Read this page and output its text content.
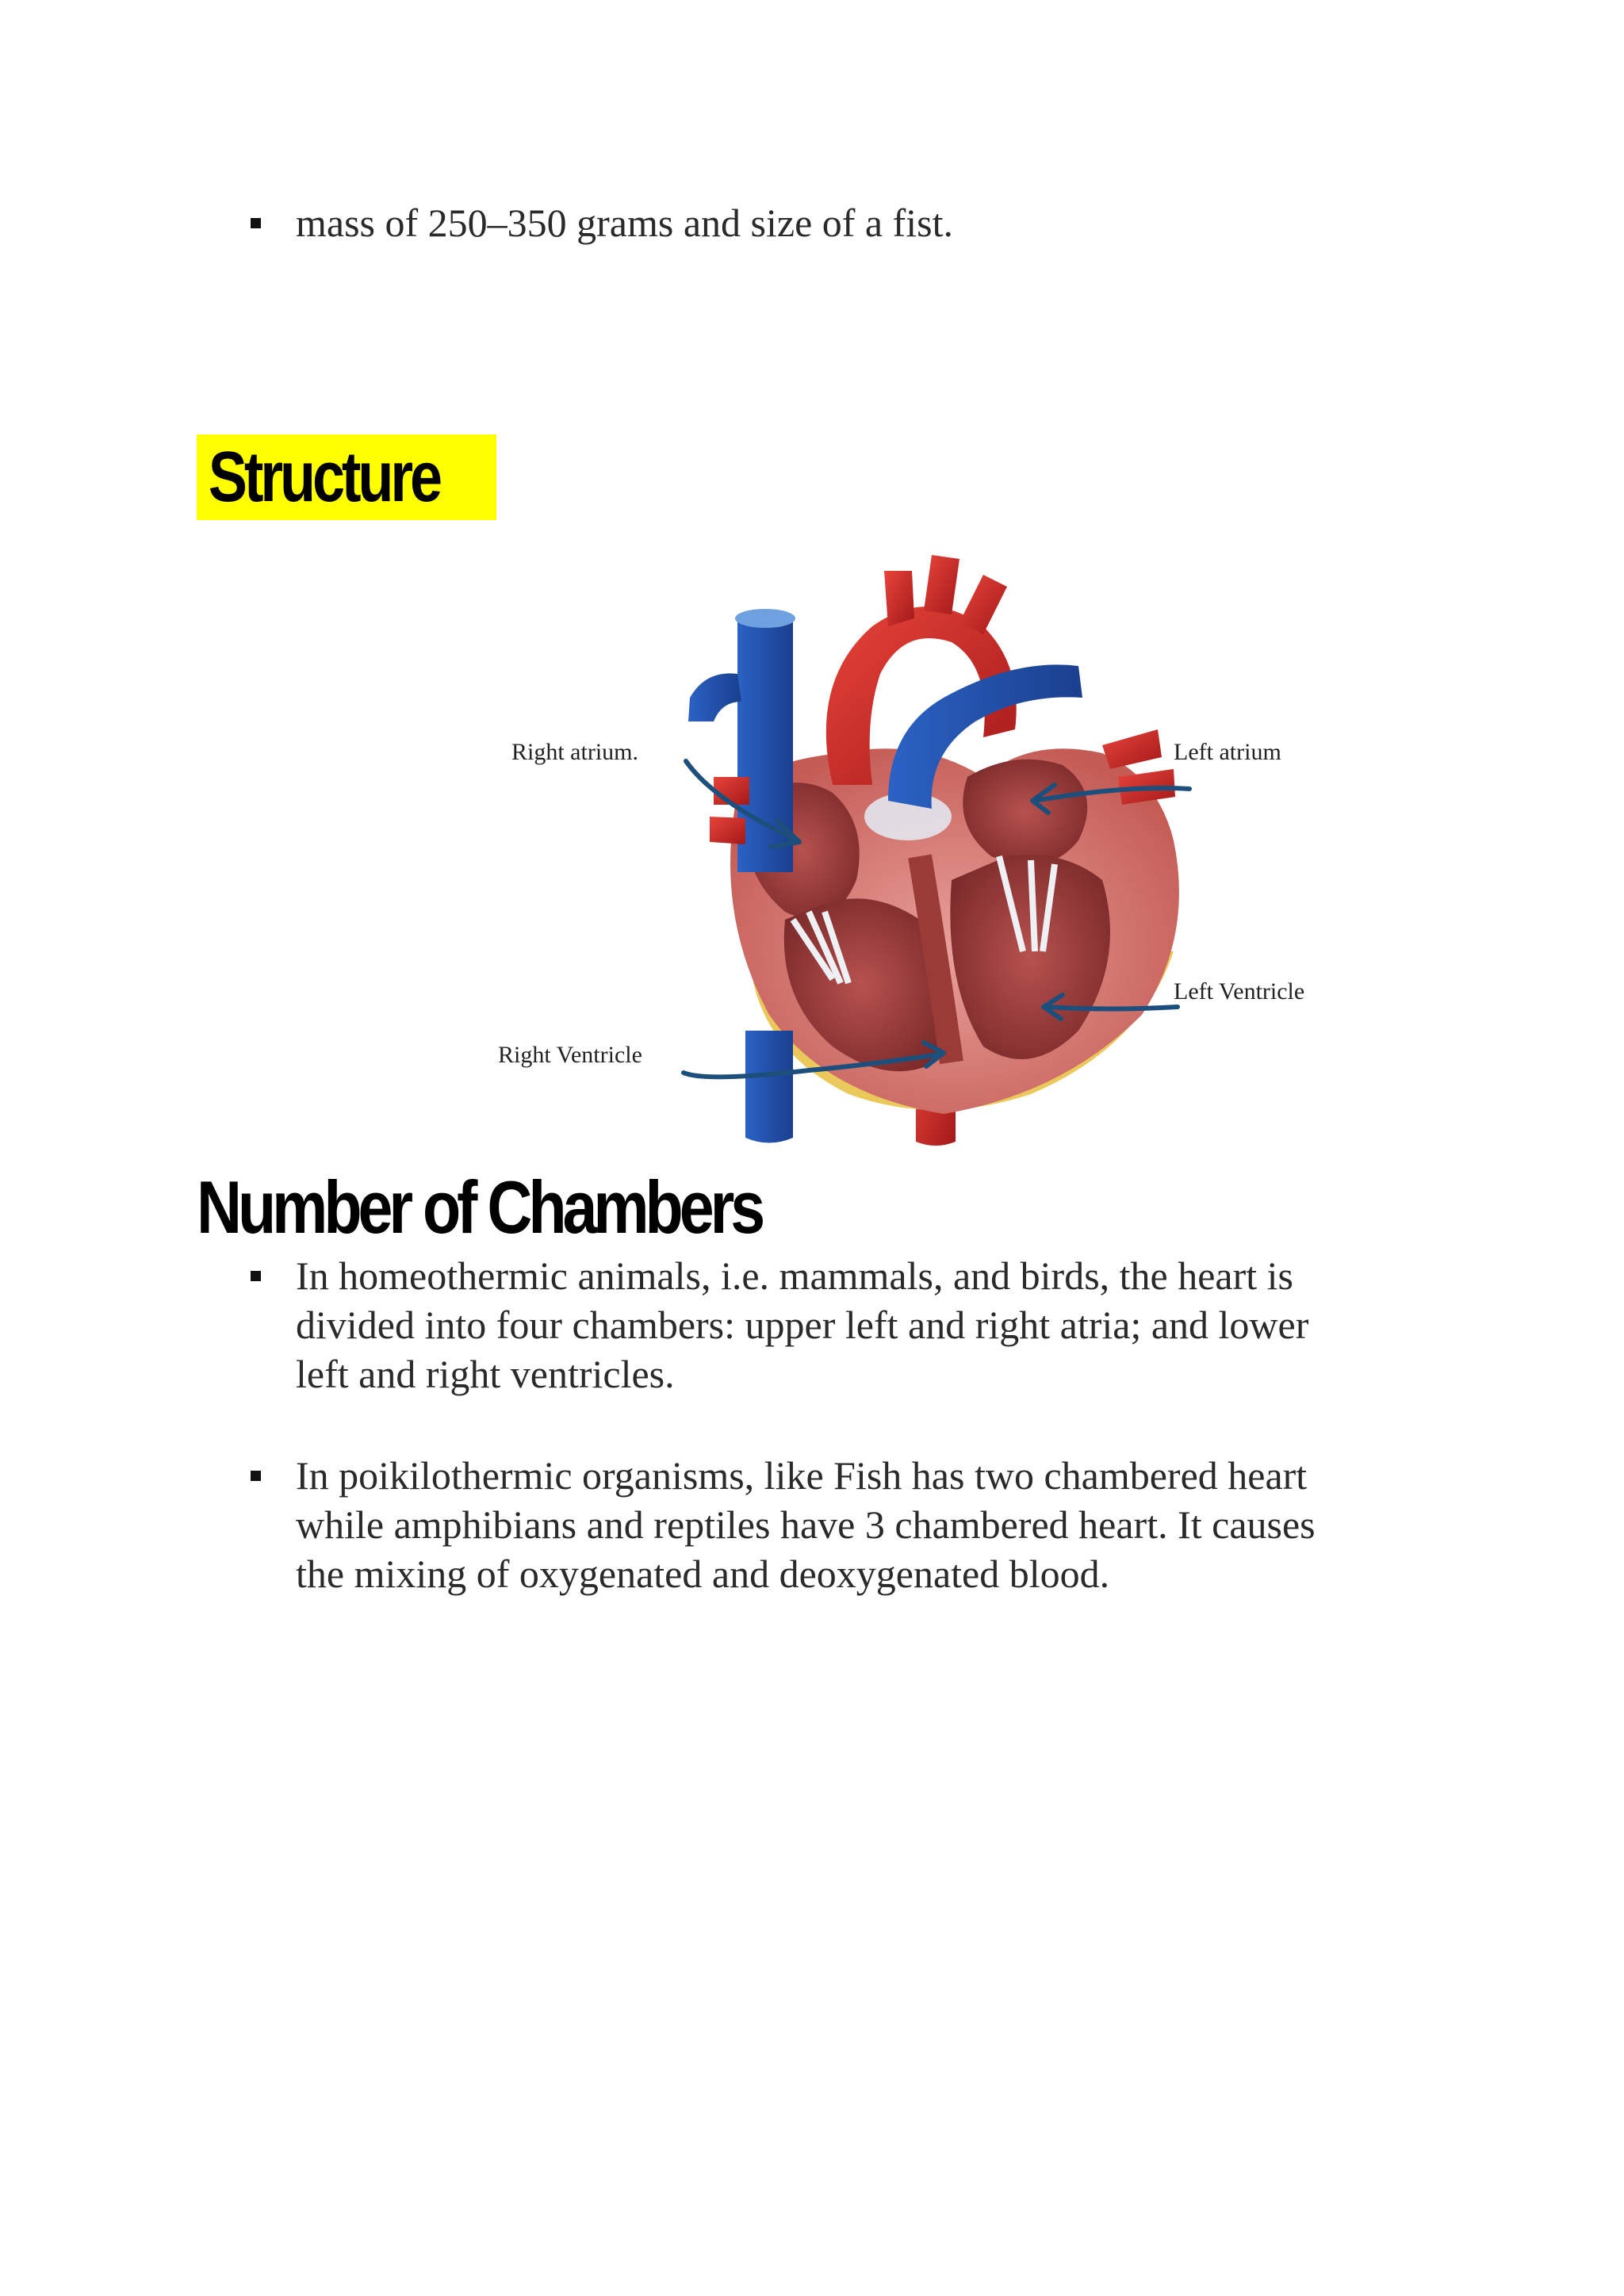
mass of 250–350 grams and size of a fist.
Structure
Right atrium.	Left atrium
Left Ventricle
Right Ventricle
Number of Chambers
In homeothermic animals, i.e. mammals, and birds, the heart is
divided into four chambers: upper left and right atria; and lower
left and right ventricles.
In poikilothermic organisms, like Fish has two chambered heart
while amphibians and reptiles have 3 chambered heart. It causes
the mixing of oxygenated and deoxygenated blood.
